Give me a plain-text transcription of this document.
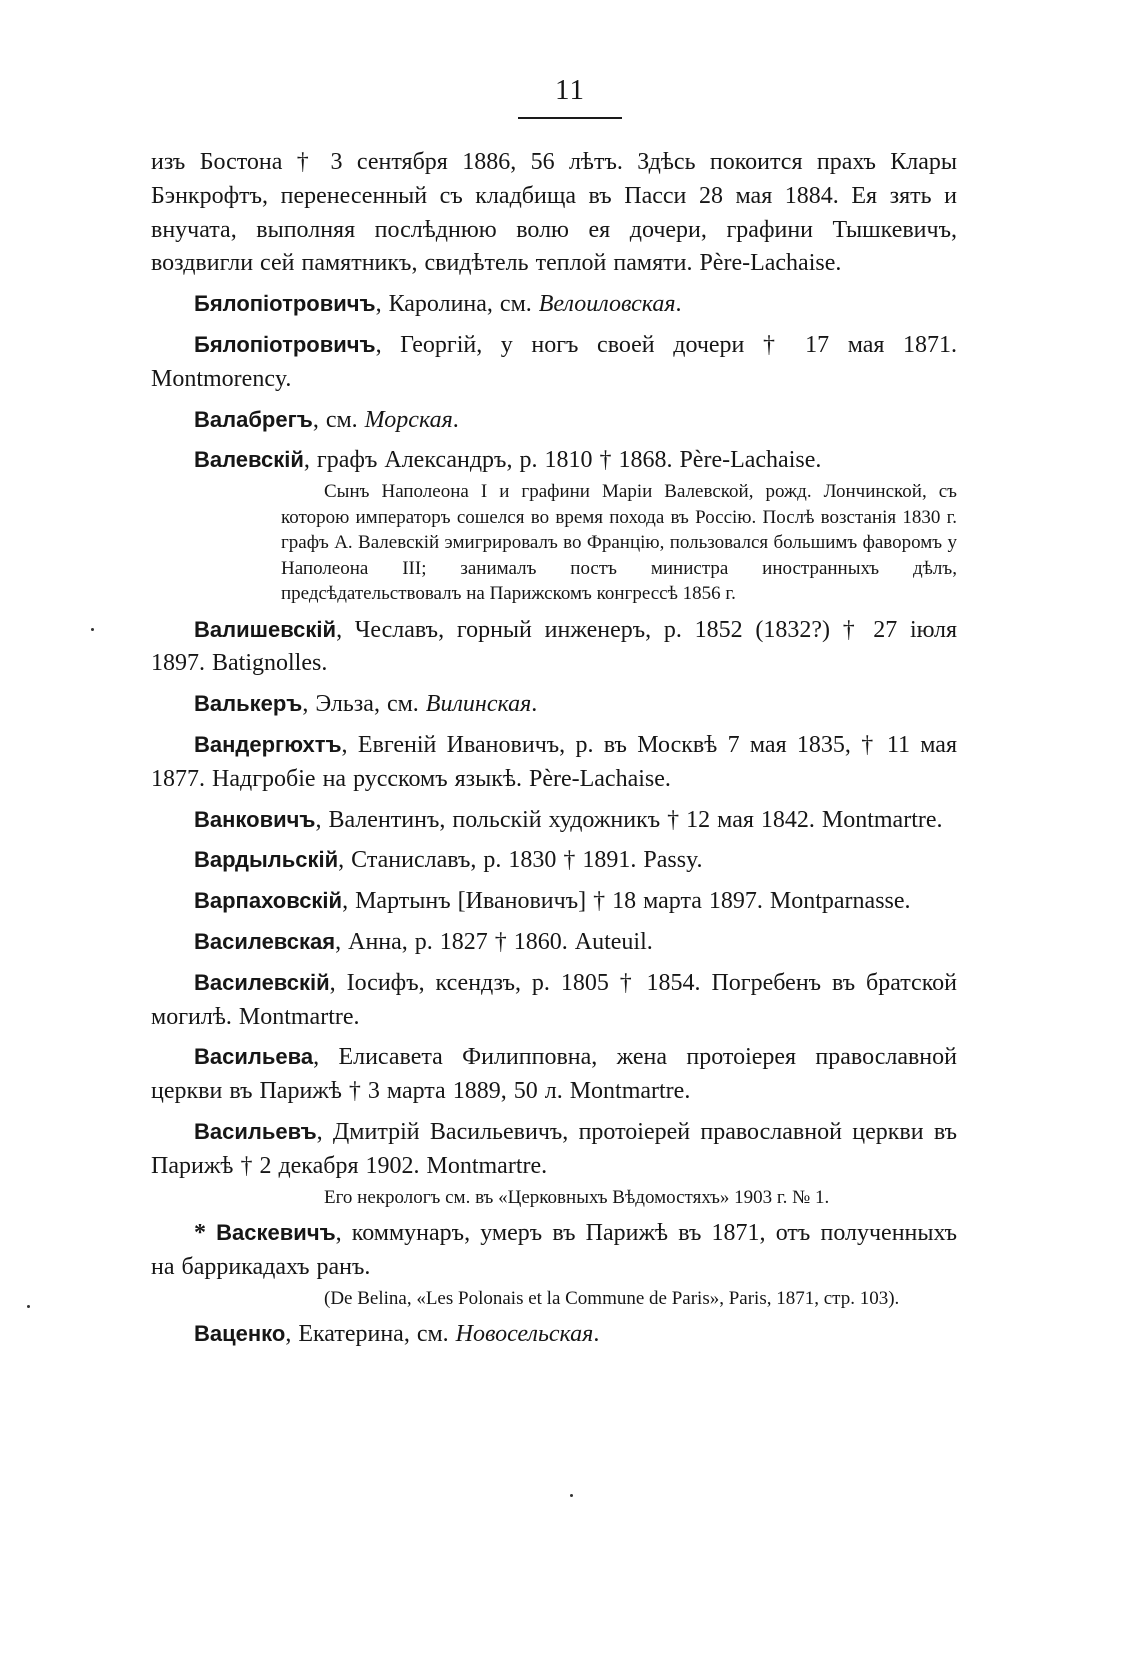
11

изъ Бостона † 3 сентября 1886, 56 лѣтъ. Здѣсь покоится прахъ Клары Бэнкрофтъ, перенесенный съ кладбища въ Пасси 28 мая 1884. Ея зять и внучата, выполняя послѣднюю волю ея дочери, графини Тышкевичъ, воздвигли сей памятникъ, свидѣтель теплой памяти. Père-Lachaise.

Бялопіотровичъ, Каролина, см. Велоиловская.

Бялопіотровичъ, Георгій, у ногъ своей дочери † 17 мая 1871. Montmorency.

Валабрегъ, см. Морская.

Валевскій, графъ Александръ, р. 1810 † 1868. Père-Lachaise.

Сынъ Наполеона I и графини Маріи Валевской, рожд. Лончинской, съ которою императоръ сошелся во время похода въ Россію. Послѣ возстанія 1830 г. графъ А. Валевскій эмигрировалъ во Францію, пользовался большимъ фаворомъ у Наполеона III; занималъ постъ министра иностранныхъ дѣлъ, предсѣдательствовалъ на Парижскомъ конгрессѣ 1856 г.

Валишевскій, Чеславъ, горный инженеръ, р. 1852 (1832?) † 27 іюля 1897. Batignolles.

Валькеръ, Эльза, см. Вилинская.

Вандергюхтъ, Евгеній Ивановичъ, р. въ Москвѣ 7 мая 1835, † 11 мая 1877. Надгробіе на русскомъ языкѣ. Père-Lachaise.

Ванковичъ, Валентинъ, польскій художникъ † 12 мая 1842. Montmartre.

Вардыльскій, Станиславъ, р. 1830 † 1891. Passy.

Варпаховскій, Мартынъ [Ивановичъ] † 18 марта 1897. Montparnasse.

Василевская, Анна, р. 1827 † 1860. Auteuil.

Василевскій, Іосифъ, ксендзъ, р. 1805 † 1854. Погребенъ въ братской могилѣ. Montmartre.

Васильева, Елисавета Филипповна, жена протоіерея православной церкви въ Парижѣ † 3 марта 1889, 50 л. Montmartre.

Васильевъ, Дмитрій Васильевичъ, протоіерей православной церкви въ Парижѣ † 2 декабря 1902. Montmartre.

Его некрологъ см. въ «Церковныхъ Вѣдомостяхъ» 1903 г. № 1.

* Васкевичъ, коммунаръ, умеръ въ Парижѣ въ 1871, отъ полученныхъ на баррикадахъ ранъ.

(De Belina, «Les Polonais et la Commune de Paris», Paris, 1871, стр. 103).

Ваценко, Екатерина, см. Новосельская.
